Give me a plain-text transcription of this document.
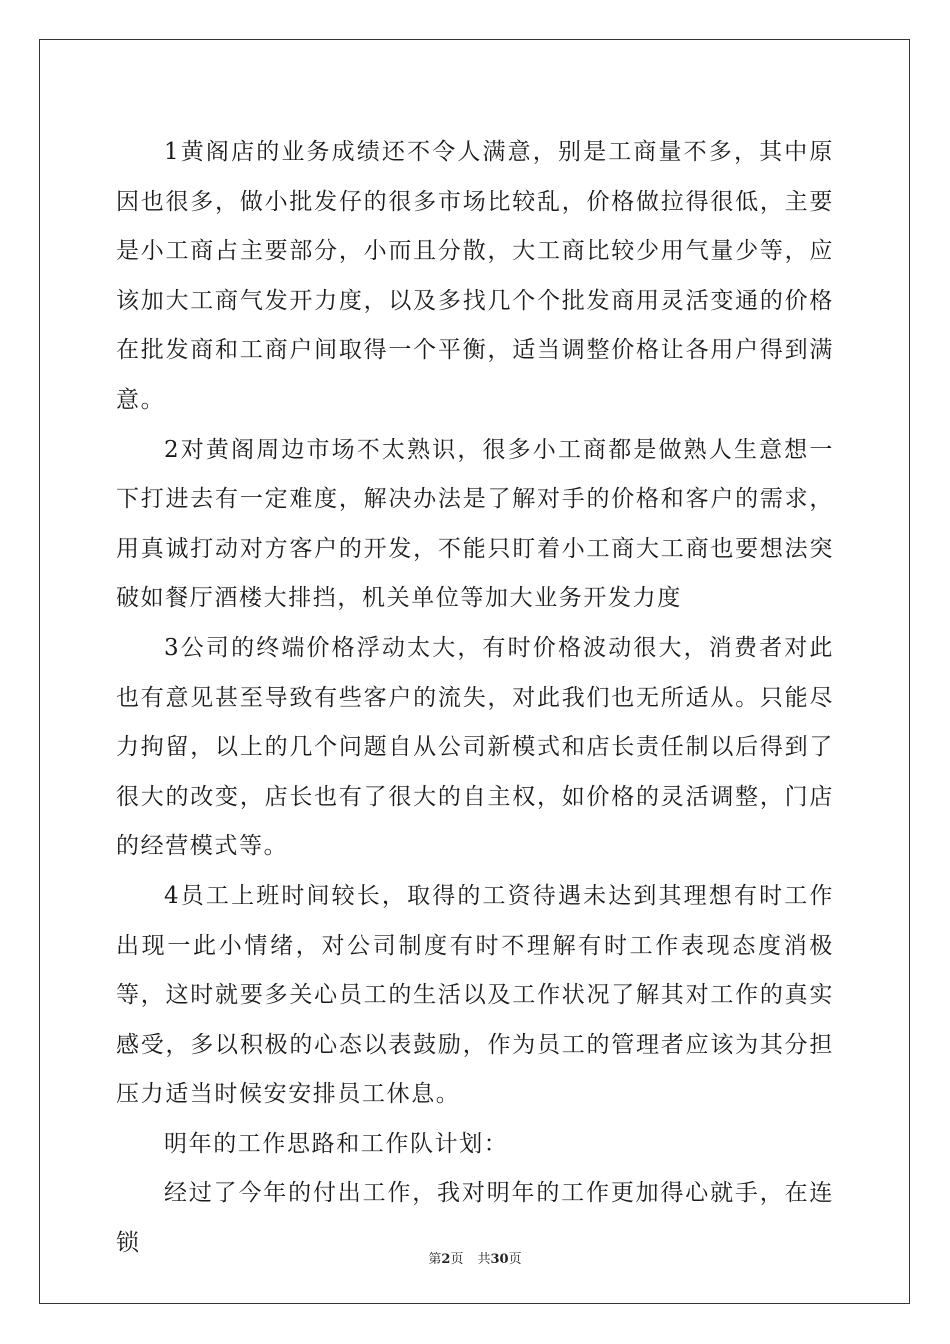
1黄阁店的业务成绩还不令人满意，别是工商量不多，其中原因也很多，做小批发仔的很多市场比较乱，价格做拉得很低，主要是小工商占主要部分，小而且分散，大工商比较少用气量少等，应该加大工商气发开力度，以及多找几个个批发商用灵活变通的价格在批发商和工商户间取得一个平衡，适当调整价格让各用户得到满意。

2对黄阁周边市场不太熟识，很多小工商都是做熟人生意想一下打进去有一定难度，解决办法是了解对手的价格和客户的需求，用真诚打动对方客户的开发，不能只盯着小工商大工商也要想法突破如餐厅酒楼大排挡，机关单位等加大业务开发力度

3公司的终端价格浮动太大，有时价格波动很大，消费者对此也有意见甚至导致有些客户的流失，对此我们也无所适从。只能尽力拘留，以上的几个问题自从公司新模式和店长责任制以后得到了很大的改变，店长也有了很大的自主权，如价格的灵活调整，门店的经营模式等。

4员工上班时间较长，取得的工资待遇未达到其理想有时工作出现一此小情绪，对公司制度有时不理解有时工作表现态度消极等，这时就要多关心员工的生活以及工作状况了解其对工作的真实感受，多以积极的心态以表鼓励，作为员工的管理者应该为其分担压力适当时候安安排员工休息。

明年的工作思路和工作队计划：

经过了今年的付出工作，我对明年的工作更加得心就手，在连锁

第2页 共30页
